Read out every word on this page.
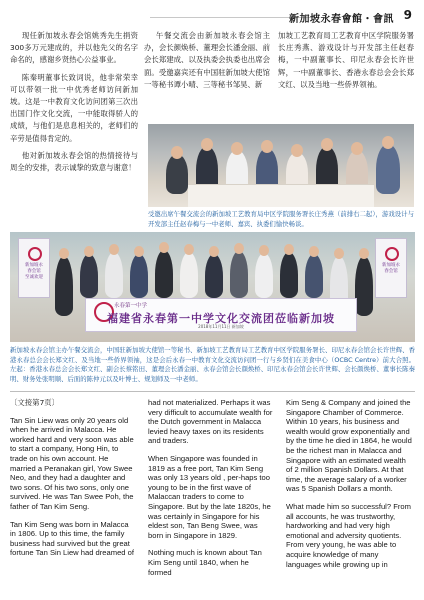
新加坡永春會館・會訊 9

现任新加坡永春会馆姚秀先生捐资300多万元建成的，并以他先父的名字命名的，感谢乡贤热心公益事业。

陈秦明董事长致词说，他非常荣幸可以带领一批一中优秀老师访问新加坡。这是一中教育文化访问团第三次出出国门作文化交流，一中能取得骄人的成绩，与他们是息息相关的，老师们的辛劳是值得肯定的。

他对新加坡永春会馆的热情接待与周全的安排，表示诚挚的致意与谢意！

午餐交流会由新加坡永春会馆主办，会长颜焕桥、董理会长潘金丽、前会长郑建成、以及执委会执委也出席会面。受邀嘉宾还有中国驻新加坡大使馆一等秘书谭小晴、三等秘书邹昊、新

加坡工艺教育局工艺教育中区学院服务署长庄秀燕、游戏设计与开发部主任赵春梅，一中副董事长、印尼永春会长许世辉，一中副董事长、香港永春总会会长郑文红、以及当地一些侨界领袖。

受邀出席午餐交流会的新加坡工艺教育局中区学院服务署长庄秀燕（前排右二起），游戏设计与开发部主任赵春梅与一中老师、嘉宾、执委们愉快畅谈。
新加坡永春会馆
至诚欢迎
新加坡永春会馆
永春第一中学
福建省永春第一中学文化交流团莅临新加坡
2018年11月11日 新加坡
新加坡永春会馆主办午餐交流会，中国驻新加坡大使馆一等秘书、新加坡工艺教育局工艺教育中区学院服务署长、印尼永春会馆会长许世辉、香港永春总会会长郑文红、及当地一些侨界领袖，这是会后永春一中教育文化交流访问团一行与乡贤们在美食中心（OCBC Centre）前大合照。左起：香港永春总会会长郑文红、副会长蔡铭田、董理会长潘金丽、永春会馆会长颜焕桥、印尼永春会馆会长许世辉、会长颜焕桥、董事长陈秦明、财务处张明顺、后面的陈仲元以及叶博士、规划师及一中老师。
〔文接第7页〕

Tan Sin Liew was only 20 years old when he arrived in Malacca. He worked hard and very soon was able to start a company, Hong Hin, to trade on his own account. He married a Peranakan girl, Yow Swee Neo, and they had a daughter and two sons. Of his two sons, only one survived. He was Tan Swee Poh, the father of Tan Kim Seng.

Tan Kim Seng was born in Malacca in 1806. Up to this time, the family business had survived but the great fortune Tan Sin Liew had dreamed of

had not materialized. Perhaps it was very difficult to accumulate wealth for the Dutch government in Malacca levied heavy taxes on its residents and traders.

When Singapore was founded in 1819 as a free port, Tan Kim Seng was only 13 years old , per-haps too young to be in the first wave of Malaccan traders to come to Singapore. But by the late 1820s, he was certainly in Singapore for his eldest son, Tan Beng Swee, was born in Singapore in 1829.

Nothing much is known about Tan Kim Seng until 1840, when he formed

Kim Seng & Company and joined the Singapore Chamber of Commerce. Within 10 years, his business and wealth would grow exponentially and by the time he died in 1864, he would be the richest man in Malacca and Singapore with an estimated wealth of 2 million Spanish Dollars. At that time, the average salary of a worker was 5 Spanish Dollars a month.

What made him so successful? From all accounts, he was trustworthy, hardworking and had very high emotional and adversity quotients. From very young, he was able to acquire knowledge of many languages while growing up in
